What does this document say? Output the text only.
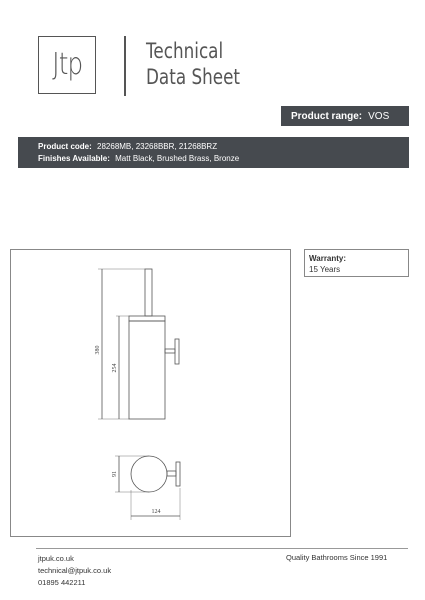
Jtp	Technical
Data Sheet
Product range: VOS
Product code: 28268MB, 23268BBR, 21268BRZ
Finishes Available: Matt Black, Brushed Brass, Bronze
380
254
91
124
Warranty:
15 Years
jtpuk.co.uk
technical@jtpuk.co.uk
01895 442211
Quality Bathrooms Since 1991
